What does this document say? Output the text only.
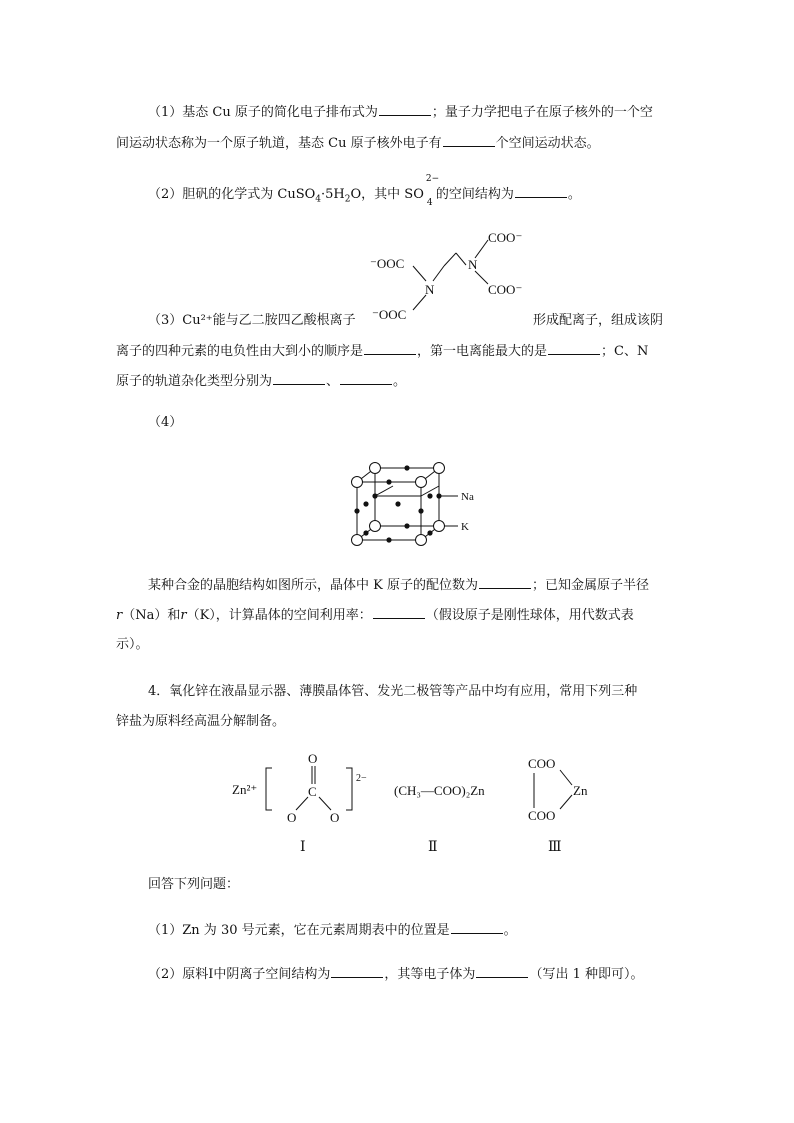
（1）基态 Cu 原子的简化电子排布式为	；量子力学把电子在原子核外的一个空
间运动状态称为一个原子轨道，基态 Cu 原子核外电子有	个空间运动状态。
（2）胆矾的化学式为 $CuSO_4\cdot 5H_2O$，其中 SO
2−
4
的空间结构为	。
COO⁻
⁻OOC	N
N	COO⁻
⁻OOC
（3）Cu²⁺能与乙二胺四乙酸根离子	形成配离子，组成该阴
离子的四种元素的电负性由大到小的顺序是	，第一电离能最大的是	；C、N
原子的轨道杂化类型分别为	、	。
（4）
Na
K
某种合金的晶胞结构如图所示，晶体中 K 原子的配位数为	；已知金属原子半径
r（Na）和r（K），计算晶体的空间利用率：	（假设原子是刚性球体，用代数式表
示）。
4．氧化锌在液晶显示器、薄膜晶体管、发光二极管等产品中均有应用，常用下列三种
锌盐为原料经高温分解制备。
Zn²⁺
O
C
O	O
2−
Ⅰ
(CH₃—COO)₂Zn
Ⅱ
COO
COO
Zn
Ⅲ
回答下列问题：
（1）Zn 为 30 号元素，它在元素周期表中的位置是	。
（2）原料Ⅰ中阴离子空间结构为	，其等电子体为	（写出 1 种即可）。
